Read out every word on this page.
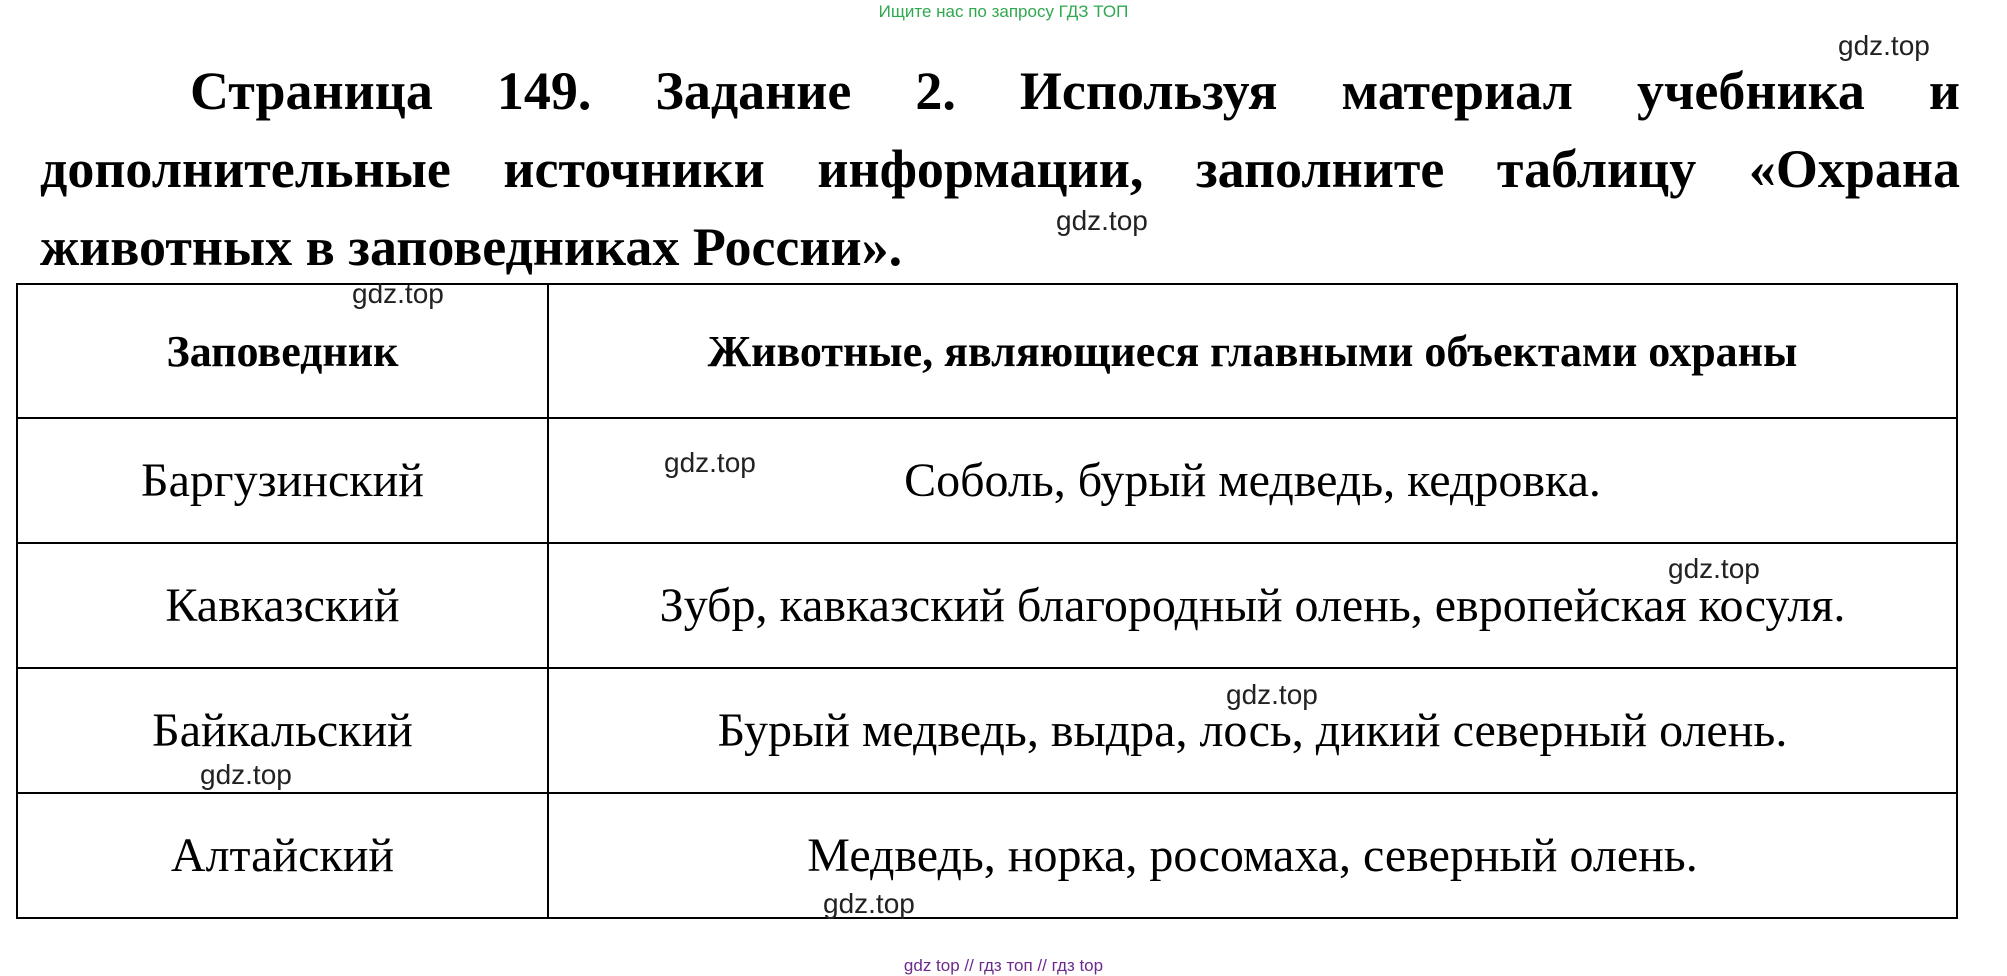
Ищите нас по запросу ГДЗ ТОП

Страница 149. Задание 2. Используя материал учебника и дополнительные источники информации, заполните таблицу «Охрана животных в заповедниках России».

Заповедник	Животные, являющиеся главными объектами охраны
Баргузинский	Соболь, бурый медведь, кедровка.
Кавказский	Зубр, кавказский благородный олень, европейская косуля.
Байкальский	Бурый медведь, выдра, лось, дикий северный олень.
Алтайский	Медведь, норка, росомаха, северный олень.
gdz.top
gdz.top
gdz.top
gdz.top
gdz.top
gdz.top
gdz.top
gdz.top
gdz top // гдз топ // гдз top
